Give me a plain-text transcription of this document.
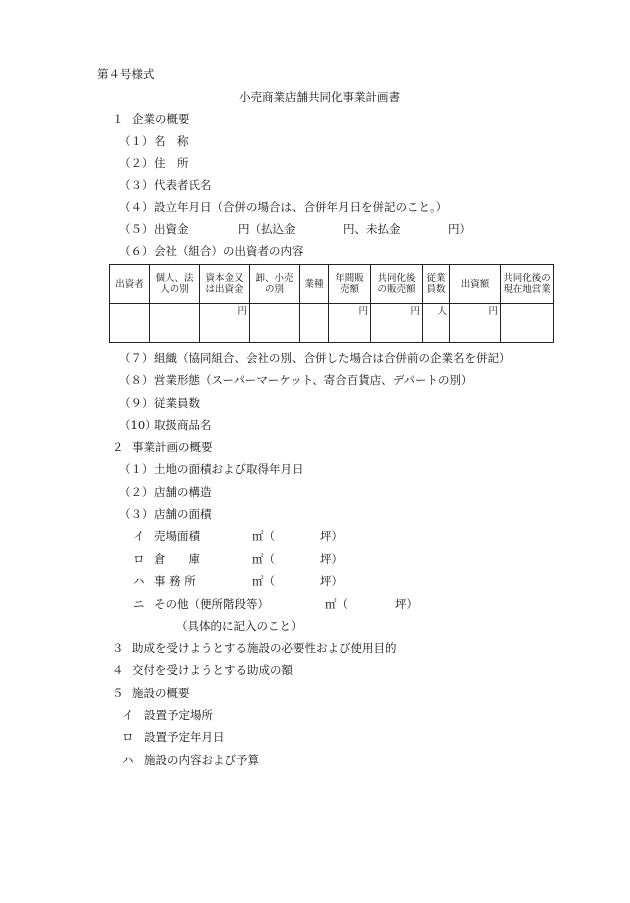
第４号様式
小売商業店舗共同化事業計画書
１ 企業の概要
（１） 名　称
（２） 住　所
（３） 代表者氏名
（４） 設立年月日（合併の場合は、合併年月日を併記のこと。）
（５） 出資金	円（払込金	円、未払金	円）
（６） 会社（組合）の出資者の内容
出資者	個人、法人の別	資本金又は出資金	卸、小売の別	業種	年間販売額	共同化後の販売額	従業員数	出資額	共同化後の現在地営業
		円			円	円	人	円	
（７） 組織（協同組合、会社の別、合併した場合は合併前の企業名を併記）
（８） 営業形態（スーパーマーケット、寄合百貨店、デパートの別）
（９） 従業員数
（10）
取扱商品名
２ 事業計画の概要
（１） 土地の面積および取得年月日
（２） 店舗の構造
（３） 店舗の面積
イ 売場面積	㎡（	坪）
ロ 倉　　庫	㎡（	坪）
ハ 事 務 所	㎡（	坪）
ニ その他（便所階段等）	㎡（	坪）
（具体的に記入のこと）
３ 助成を受けようとする施設の必要性および使用目的
４ 交付を受けようとする助成の額
５ 施設の概要
イ 設置予定場所
ロ 設置予定年月日
ハ 施設の内容および予算
